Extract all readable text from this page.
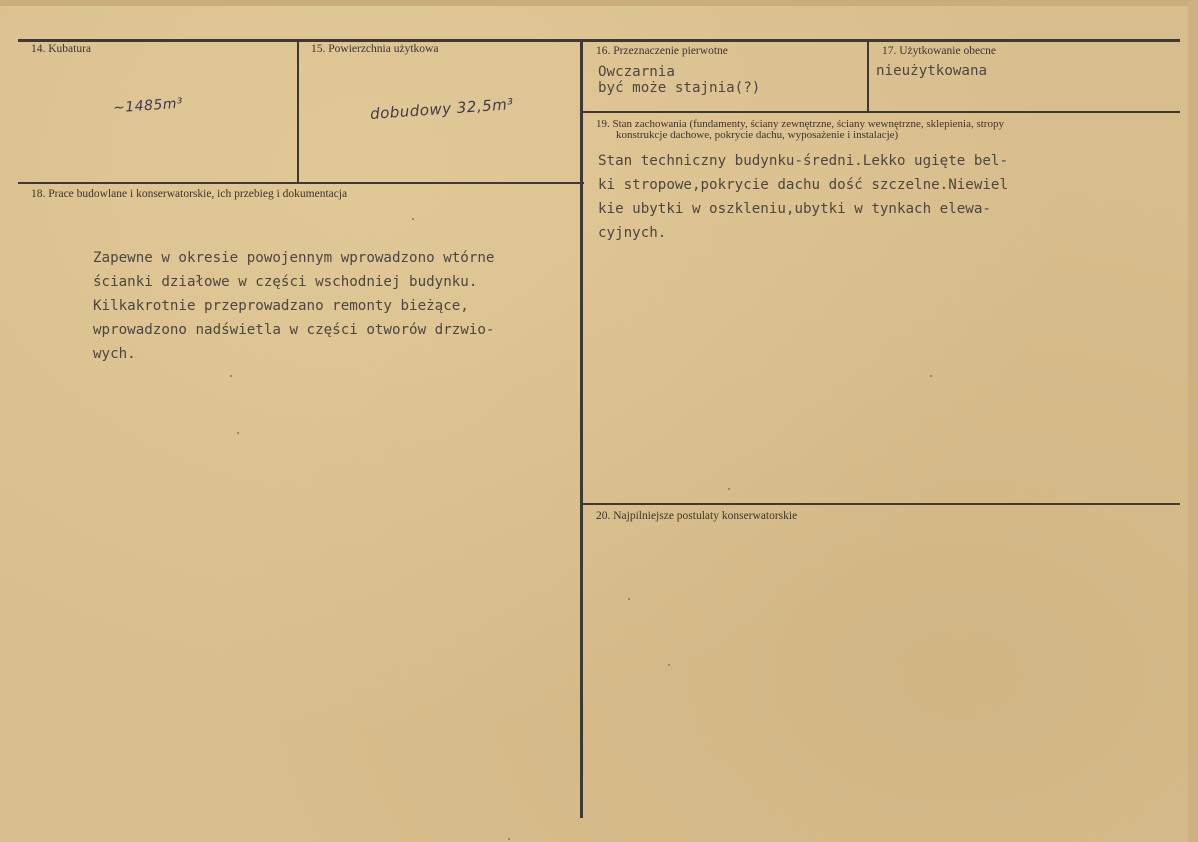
14. Kubatura
~1485m³
15. Powierzchnia użytkowa
dobudowy 32,5m³
16. Przeznaczenie pierwotne
Owczarnia
być może stajnia(?)
17. Użytkowanie obecne
nieużytkowana
19. Stan zachowania (fundamenty, ściany zewnętrzne, ściany wewnętrzne, sklepienia, stropy
konstrukcje dachowe, pokrycie dachu, wyposażenie i instalacje)
Stan techniczny budynku-średni.Lekko ugięte bel-
ki stropowe,pokrycie dachu dość szczelne.Niewiel
kie ubytki w oszkleniu,ubytki w tynkach elewa-
cyjnych.
18. Prace budowlane i konserwatorskie, ich przebieg i dokumentacja
Zapewne w okresie powojennym wprowadzono wtórne
ścianki działowe w części wschodniej budynku.
Kilkakrotnie przeprowadzano remonty bieżące,
wprowadzono nadświetla w części otworów drzwio-
wych.
20. Najpilniejsze postulaty konserwatorskie
